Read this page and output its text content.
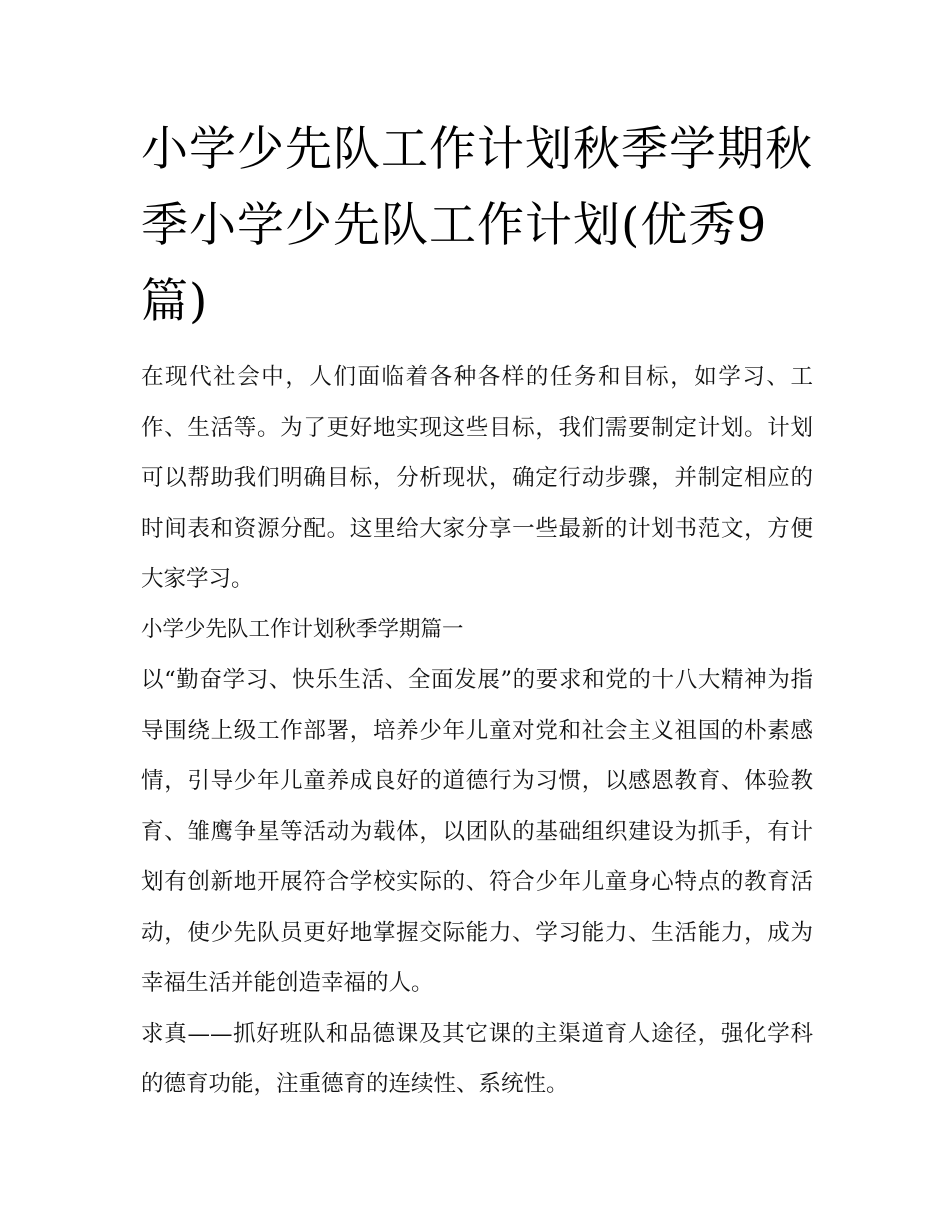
小学少先队工作计划秋季学期秋季小学少先队工作计划(优秀9篇)

在现代社会中，人们面临着各种各样的任务和目标，如学习、工作、生活等。为了更好地实现这些目标，我们需要制定计划。计划可以帮助我们明确目标，分析现状，确定行动步骤，并制定相应的时间表和资源分配。这里给大家分享一些最新的计划书范文，方便大家学习。

小学少先队工作计划秋季学期篇一

以“勤奋学习、快乐生活、全面发展”的要求和党的十八大精神为指导围绕上级工作部署，培养少年儿童对党和社会主义祖国的朴素感情，引导少年儿童养成良好的道德行为习惯，以感恩教育、体验教育、雏鹰争星等活动为载体，以团队的基础组织建设为抓手，有计划有创新地开展符合学校实际的、符合少年儿童身心特点的教育活动，使少先队员更好地掌握交际能力、学习能力、生活能力，成为幸福生活并能创造幸福的人。

求真——抓好班队和品德课及其它课的主渠道育人途径，强化学科的德育功能，注重德育的连续性、系统性。
